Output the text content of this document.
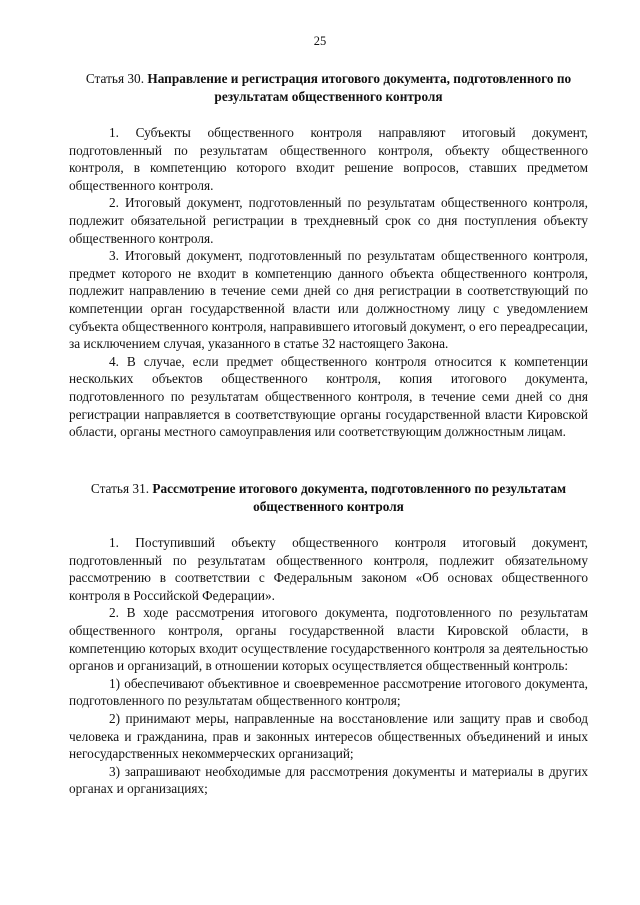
25
Статья 30. Направление и регистрация итогового документа, подготовленного по результатам общественного контроля

1. Субъекты общественного контроля направляют итоговый документ, подготовленный по результатам общественного контроля, объекту общественного контроля, в компетенцию которого входит решение вопросов, ставших предметом общественного контроля.

2. Итоговый документ, подготовленный по результатам общественного контроля, подлежит обязательной регистрации в трехдневный срок со дня поступления объекту общественного контроля.

3. Итоговый документ, подготовленный по результатам общественного контроля, предмет которого не входит в компетенцию данного объекта общественного контроля, подлежит направлению в течение семи дней со дня регистрации в соответствующий по компетенции орган государственной власти или должностному лицу с уведомлением субъекта общественного контроля, направившего итоговый документ, о его переадресации, за исключением случая, указанного в статье 32 настоящего Закона.

4. В случае, если предмет общественного контроля относится к компетенции нескольких объектов общественного контроля, копия итогового документа, подготовленного по результатам общественного контроля, в течение семи дней со дня регистрации направляется в соответствующие органы государственной власти Кировской области, органы местного самоуправления или соответствующим должностным лицам.

Статья 31. Рассмотрение итогового документа, подготовленного по результатам общественного контроля

1. Поступивший объекту общественного контроля итоговый документ, подготовленный по результатам общественного контроля, подлежит обязательному рассмотрению в соответствии с Федеральным законом «Об основах общественного контроля в Российской Федерации».

2. В ходе рассмотрения итогового документа, подготовленного по результатам общественного контроля, органы государственной власти Кировской области, в компетенцию которых входит осуществление государственного контроля за деятельностью органов и организаций, в отношении которых осуществляется общественный контроль:

1) обеспечивают объективное и своевременное рассмотрение итогового документа, подготовленного по результатам общественного контроля;

2) принимают меры, направленные на восстановление или защиту прав и свобод человека и гражданина, прав и законных интересов общественных объединений и иных негосударственных некоммерческих организаций;

3) запрашивают необходимые для рассмотрения документы и материалы в других органах и организациях;
